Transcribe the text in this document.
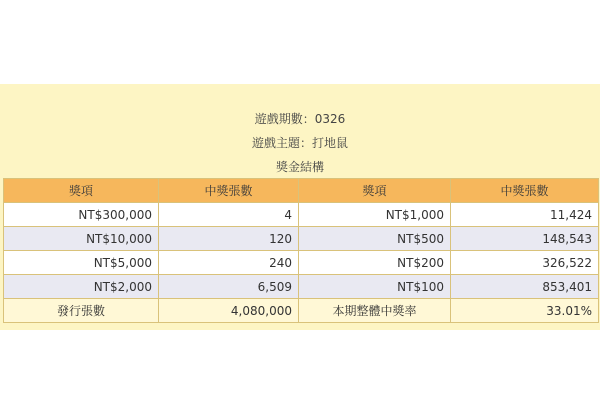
遊戲期數：0326
遊戲主題：打地鼠
獎金結構
獎項	中獎張數	獎項	中獎張數
NT$300,000	4	NT$1,000	11,424
NT$10,000	120	NT$500	148,543
NT$5,000	240	NT$200	326,522
NT$2,000	6,509	NT$100	853,401
發行張數	4,080,000	本期整體中獎率	33.01%
